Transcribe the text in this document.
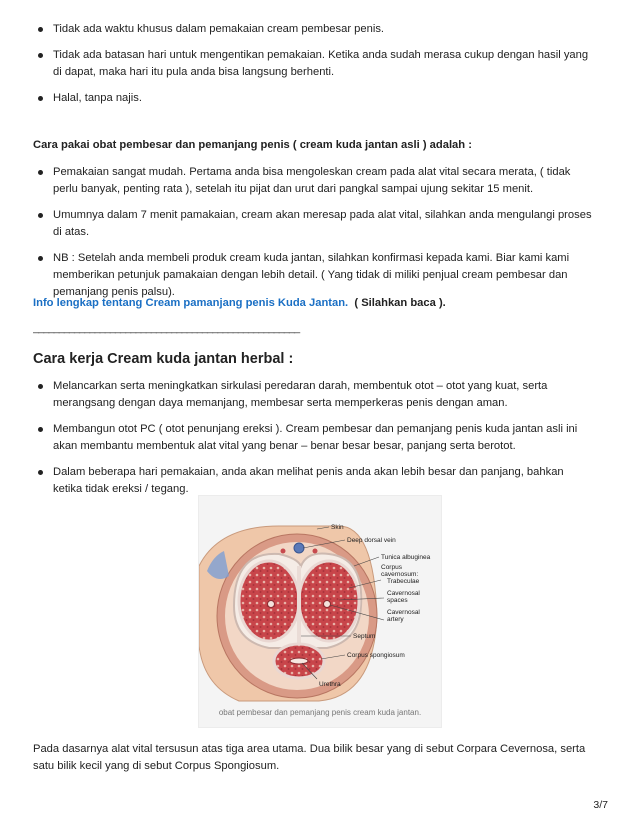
Tidak ada waktu khusus dalam pemakaian cream pembesar penis.
Tidak ada batasan hari untuk mengentikan pemakaian. Ketika anda sudah merasa cukup dengan hasil yang di dapat, maka hari itu pula anda bisa langsung berhenti.
Halal, tanpa najis.
Cara pakai obat pembesar dan pemanjang penis ( cream kuda jantan asli ) adalah :
Pemakaian sangat mudah. Pertama anda bisa mengoleskan cream pada alat vital secara merata, ( tidak perlu banyak, penting rata ), setelah itu pijat dan urut dari pangkal sampai ujung sekitar 15 menit.
Umumnya dalam 7 menit pamakaian, cream akan meresap pada alat vital, silahkan anda mengulangi proses di atas.
NB : Setelah anda membeli produk cream kuda jantan, silahkan konfirmasi kepada kami. Biar kami kami memberikan petunjuk pamakaian dengan lebih detail. ( Yang tidak di miliki penjual cream pembesar dan pemanjang penis palsu).
Info lengkap tentang Cream pamanjang penis Kuda Jantan. ( Silahkan baca ).
____________________________________________________
Cara kerja Cream kuda jantan herbal :
Melancarkan serta meningkatkan sirkulasi peredaran darah, membentuk otot – otot yang kuat, serta merangsang dengan daya memanjang, membesar serta memperkeras penis dengan aman.
Membangun otot PC ( otot penunjang ereksi ). Cream pembesar dan pemanjang penis kuda jantan asli ini akan membantu membentuk alat vital yang benar – benar besar besar, panjang serta berotot.
Dalam beberapa hari pemakaian, anda akan melihat penis anda akan lebih besar dan panjang, bahkan ketika tidak ereksi / tegang.
Skin
Deep dorsal vein
Tunica albuginea
Corpus
cavernosum:
Trabeculae
Cavernosal
spaces
Cavernosal
artery
Septum
Corpus spongiosum
Urethra
obat pembesar dan pemanjang penis cream kuda jantan.
Pada dasarnya alat vital tersusun atas tiga area utama. Dua bilik besar yang di sebut Corpara Cevernosa, serta satu bilik kecil yang di sebut Corpus Spongiosum.
3/7
